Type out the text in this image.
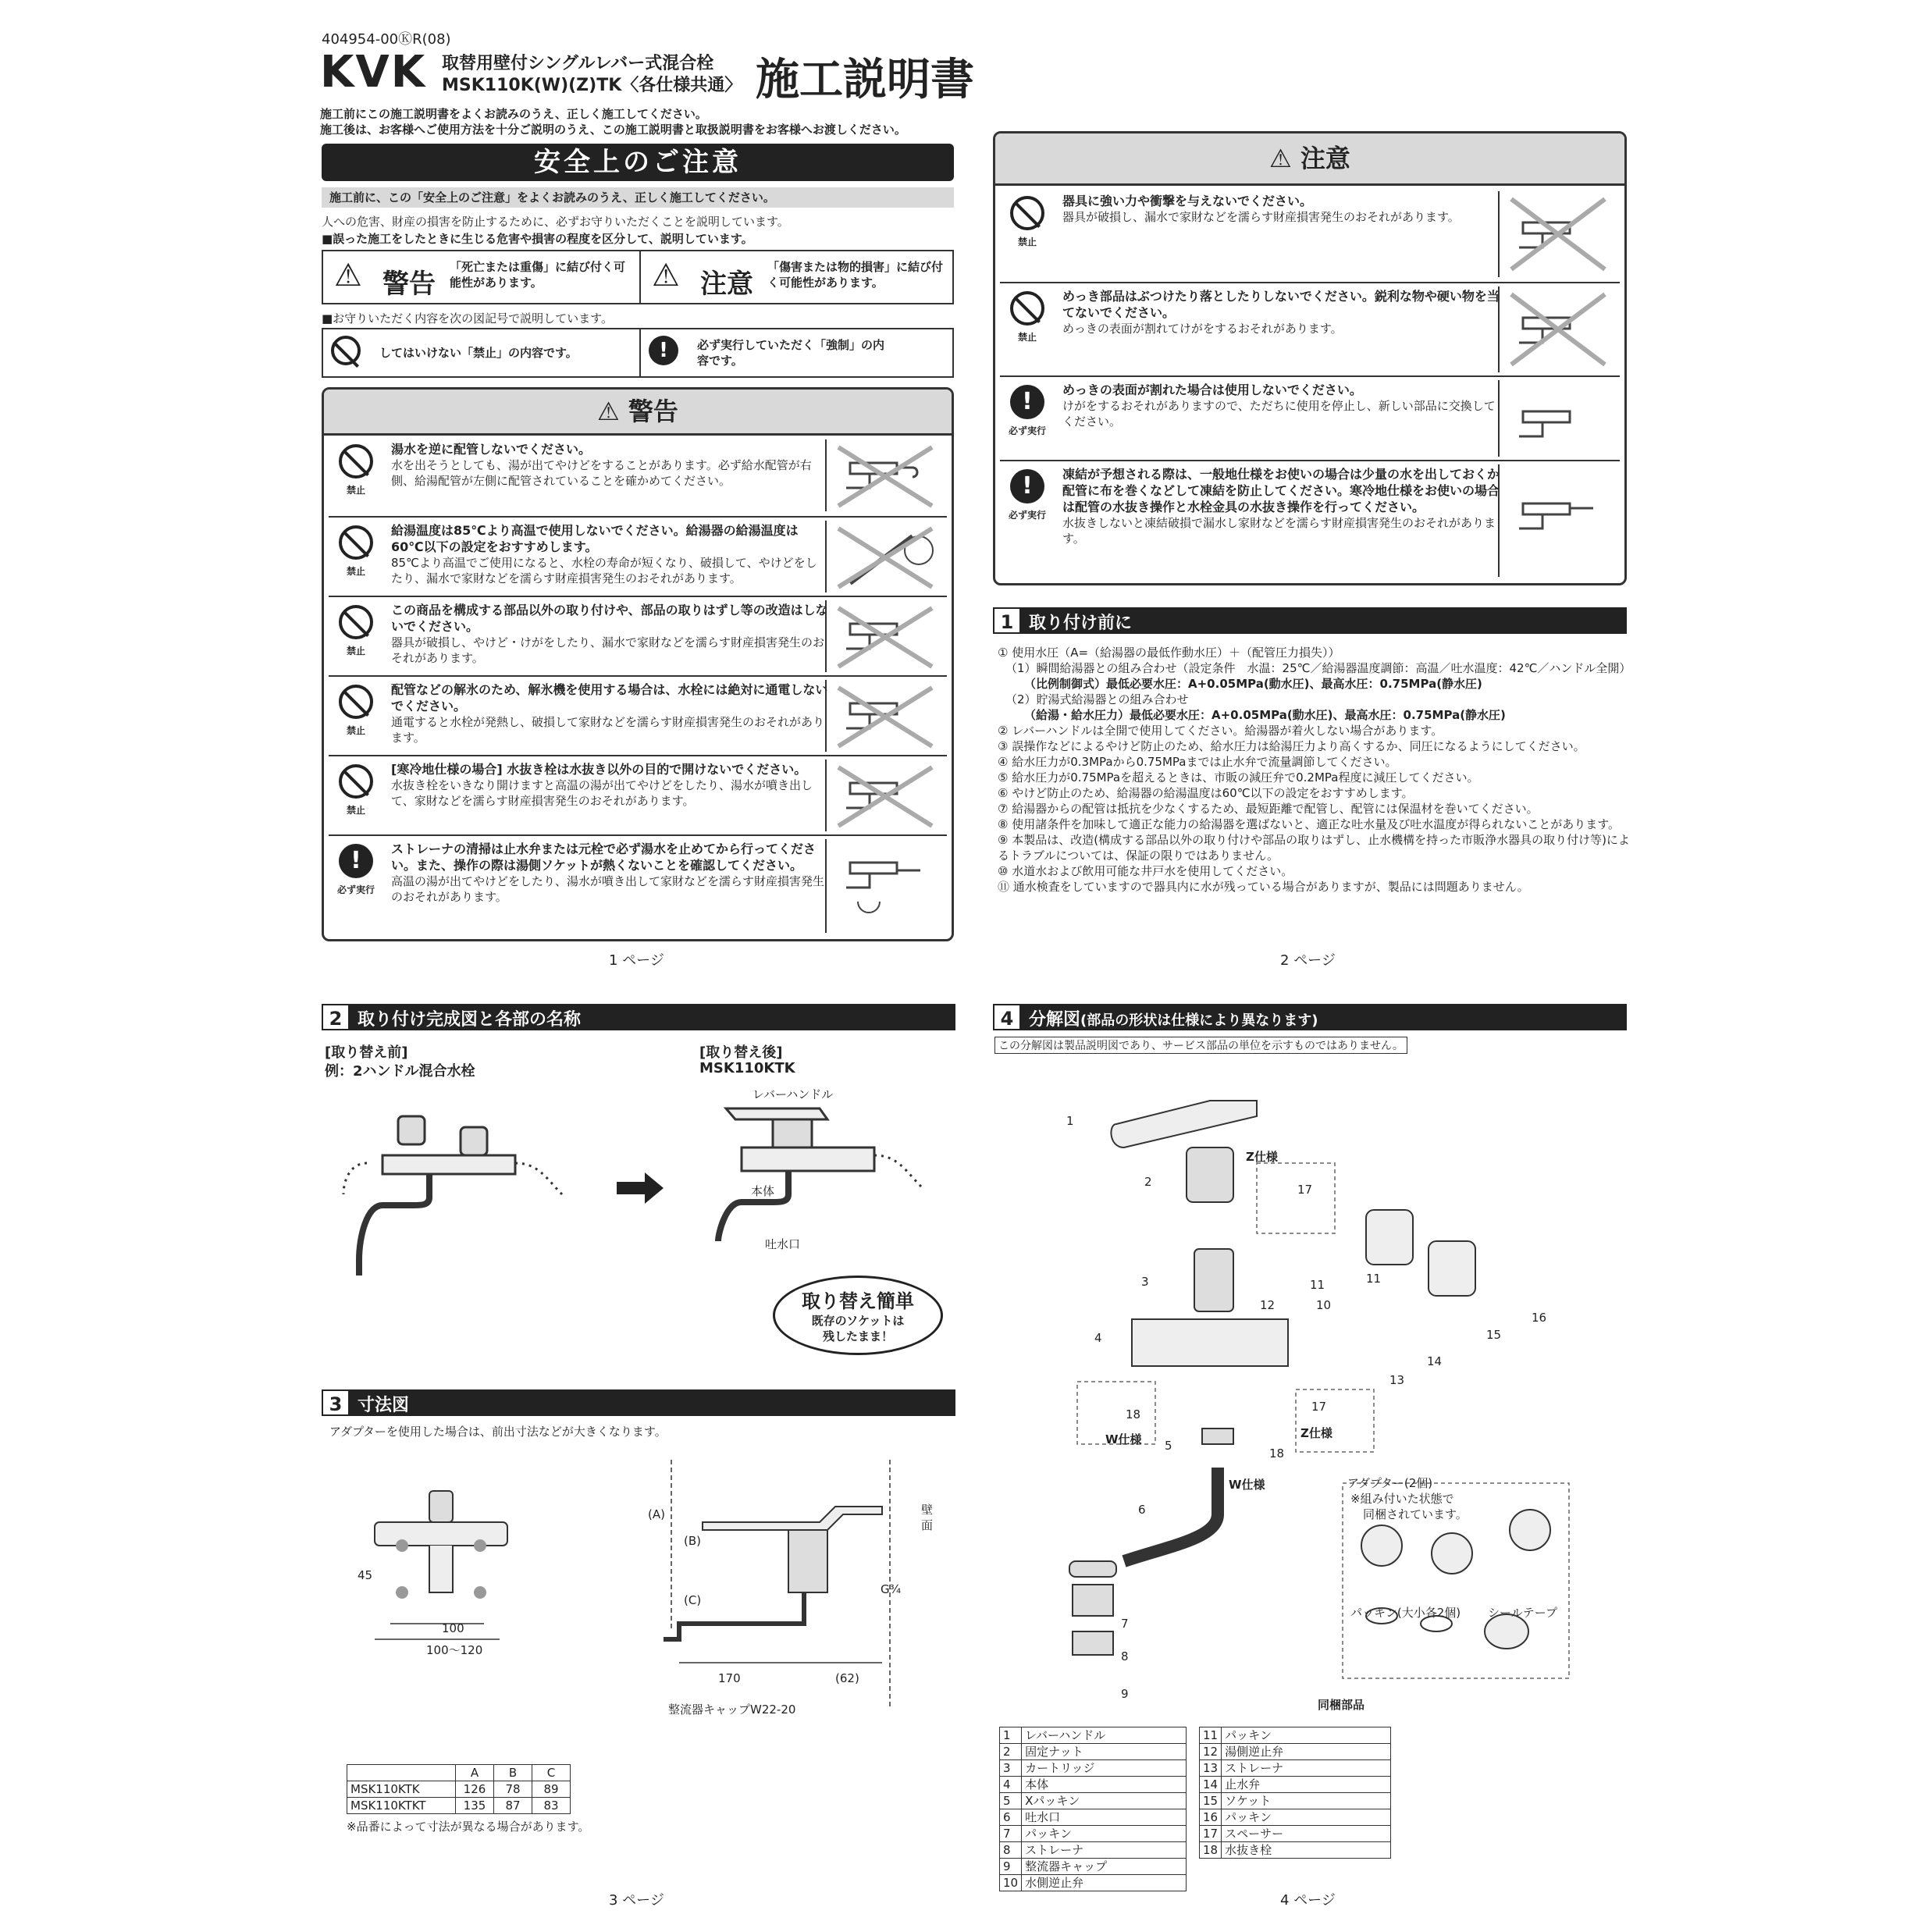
404954-00ⓀR(08)
KVK 取替用壁付シングルレバー式混合栓
MSK110K(W)(Z)TK〈各仕様共通〉 施工説明書
施工前にこの施工説明書をよくお読みのうえ、正しく施工してください。
施工後は、お客様へご使用方法を十分ご説明のうえ、この施工説明書と取扱説明書をお客様へお渡しください。
安全上のご注意
施工前に、この「安全上のご注意」をよくお読みのうえ、正しく施工してください。
人への危害、財産の損害を防止するために、必ずお守りいただくことを説明しています。
■誤った施工をしたときに生じる危害や損害の程度を区分して、説明しています。
⚠ 警告
「死亡または重傷」に結び付く可能性があります。	⚠ 注意
「傷害または物的損害」に結び付く可能性があります。
■お守りいただく内容を次の図記号で説明しています。
してはいけない「禁止」の内容です。	!	必ず実行していただく「強制」の内容です。
⚠ 警告
禁止
湯水を逆に配管しないでください。
水を出そうとしても、湯が出てやけどをすることがあります。必ず給水配管が右側、給湯配管が左側に配管されていることを確かめてください。
禁止
給湯温度は85℃より高温で使用しないでください。給湯器の給湯温度は60℃以下の設定をおすすめします。
85℃より高温でご使用になると、水栓の寿命が短くなり、破損して、やけどをしたり、漏水で家財などを濡らす財産損害発生のおそれがあります。
禁止
この商品を構成する部品以外の取り付けや、部品の取りはずし等の改造はしないでください。
器具が破損し、やけど・けがをしたり、漏水で家財などを濡らす財産損害発生のおそれがあります。
禁止
配管などの解氷のため、解氷機を使用する場合は、水栓には絶対に通電しないでください。
通電すると水栓が発熱し、破損して家財などを濡らす財産損害発生のおそれがあります。
禁止
[寒冷地仕様の場合] 水抜き栓は水抜き以外の目的で開けないでください。
水抜き栓をいきなり開けますと高温の湯が出てやけどをしたり、湯水が噴き出して、家財などを濡らす財産損害発生のおそれがあります。
!
必ず実行
ストレーナの清掃は止水弁または元栓で必ず湯水を止めてから行ってください。また、操作の際は湯側ソケットが熱くないことを確認してください。
高温の湯が出てやけどをしたり、湯水が噴き出して家財などを濡らす財産損害発生のおそれがあります。
1 ページ
⚠ 注意
禁止
器具に強い力や衝撃を与えないでください。
器具が破損し、漏水で家財などを濡らす財産損害発生のおそれがあります。
禁止
めっき部品はぶつけたり落としたりしないでください。鋭利な物や硬い物を当てないでください。
めっきの表面が割れてけがをするおそれがあります。
!
必ず実行
めっきの表面が割れた場合は使用しないでください。
けがをするおそれがありますので、ただちに使用を停止し、新しい部品に交換してください。
!
必ず実行
凍結が予想される際は、一般地仕様をお使いの場合は少量の水を出しておくか配管に布を巻くなどして凍結を防止してください。寒冷地仕様をお使いの場合は配管の水抜き操作と水栓金具の水抜き操作を行ってください。
水抜きしないと凍結破損で漏水し家財などを濡らす財産損害発生のおそれがあります。
1 取り付け前に
① 使用水圧（A=（給湯器の最低作動水圧）＋（配管圧力損失））
（1）瞬間給湯器との組み合わせ（設定条件　水温：25℃／給湯器温度調節：高温／吐水温度：42℃／ハンドル全開）
（比例制御式）最低必要水圧：A+0.05MPa(動水圧)、最高水圧：0.75MPa(静水圧)
（2）貯湯式給湯器との組み合わせ
（給湯・給水圧力）最低必要水圧：A+0.05MPa(動水圧)、最高水圧：0.75MPa(静水圧)
② レバーハンドルは全開で使用してください。給湯器が着火しない場合があります。
③ 誤操作などによるやけど防止のため、給水圧力は給湯圧力より高くするか、同圧になるようにしてください。
④ 給水圧力が0.3MPaから0.75MPaまでは止水弁で流量調節してください。
⑤ 給水圧力が0.75MPaを超えるときは、市販の減圧弁で0.2MPa程度に減圧してください。
⑥ やけど防止のため、給湯器の給湯温度は60℃以下の設定をおすすめします。
⑦ 給湯器からの配管は抵抗を少なくするため、最短距離で配管し、配管には保温材を巻いてください。
⑧ 使用諸条件を加味して適正な能力の給湯器を選ばないと、適正な吐水量及び吐水温度が得られないことがあります。
⑨ 本製品は、改造(構成する部品以外の取り付けや部品の取りはずし、止水機構を持った市販浄水器具の取り付け等)によるトラブルについては、保証の限りではありません。
⑩ 水道水および飲用可能な井戸水を使用してください。
⑪ 通水検査をしていますので器具内に水が残っている場合がありますが、製品には問題ありません。
2 ページ
2 取り付け完成図と各部の名称
[取り替え前]
例：2ハンドル混合水栓
[取り替え後]
MSK110KTK
レバーハンドル
本体
吐水口
取り替え簡単
既存のソケットは
残したまま！
3 寸法図
アダプターを使用した場合は、前出寸法などが大きくなります。
45
100
100～120
(A)
(B)
(C)
170	(62)
G¾
壁面
整流器キャップW22-20
	A	B	C
MSK110KTK	126	78	89
MSK110KTKT	135	87	83
※品番によって寸法が異なる場合があります。
3 ページ
4 分解図(部品の形状は仕様により異なります)
この分解図は製品説明図であり、サービス部品の単位を示すものではありません。
1
2
3
4
5
6
7
8
9
10
11	11
12
13
14
15
16
17
17
18
18
Z仕様
Z仕様
W仕様
W仕様	アダプター(2個)
※組み付いた状態で
同梱されています。
パッキン(大小各2個) シールテープ
同梱部品
1	レバーハンドル
2	固定ナット
3	カートリッジ
4	本体
5	Xパッキン
6	吐水口
7	パッキン
8	ストレーナ
9	整流器キャップ
10	水側逆止弁
11	パッキン
12	湯側逆止弁
13	ストレーナ
14	止水弁
15	ソケット
16	パッキン
17	スペーサー
18	水抜き栓
4 ページ
